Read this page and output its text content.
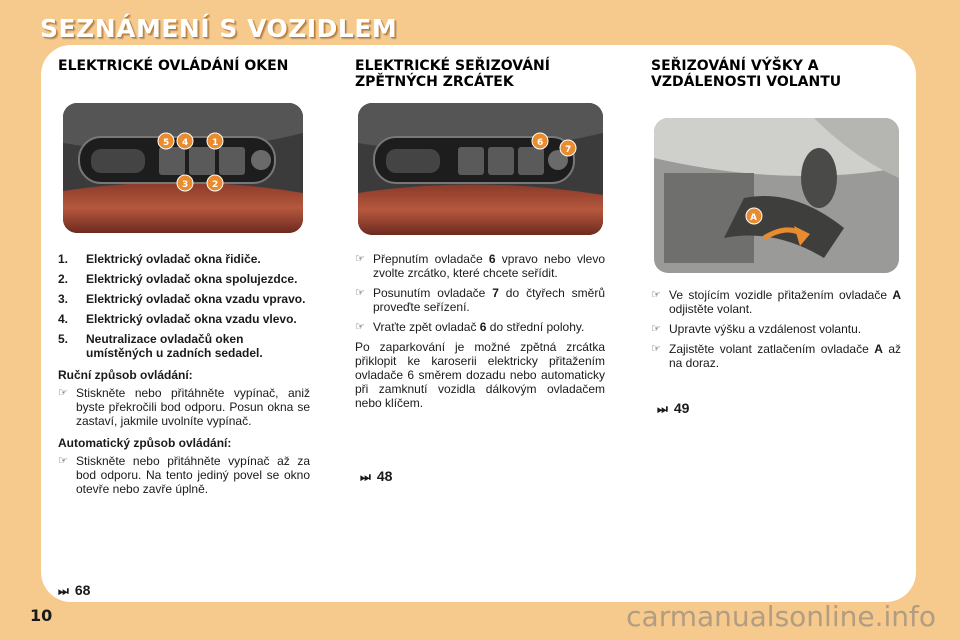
SEZNÁMENÍ S VOZIDLEM
ELEKTRICKÉ OVLÁDÁNÍ OKEN
5 4	1
3	2
1. Elektrický ovladač okna řidiče.
2. Elektrický ovladač okna spolujezdce.
3. Elektrický ovladač okna vzadu vpravo.
4. Elektrický ovladač okna vzadu vlevo.
5. Neutralizace ovladačů oken umístěných u zadních sedadel.
Ruční způsob ovládání:
☞ Stiskněte nebo přitáhněte vypínač, aniž byste překročili bod odporu. Posun okna se zastaví, jakmile uvolníte vypínač.
Automatický způsob ovládání:
☞ Stiskněte nebo přitáhněte vypínač až za bod odporu. Na tento jediný povel se okno otevře nebo zavře úplně.
⏭ 68
ELEKTRICKÉ SEŘIZOVÁNÍ ZPĚTNÝCH ZRCÁTEK
6
7
☞ Přepnutím ovladače 6 vpravo nebo vlevo zvolte zrcátko, které chcete seřídit.
☞ Posunutím ovladače 7 do čtyřech směrů proveďte seřízení.
☞ Vraťte zpět ovladač 6 do střední polohy.
Po zaparkování je možné zpětná zrcátka přiklopit ke karoserii elektricky přitažením ovladače 6 směrem dozadu nebo automaticky při zamknutí vozidla dálkovým ovladačem nebo klíčem.
⏭ 48
SEŘIZOVÁNÍ VÝŠKY A VZDÁLENOSTI VOLANTU
A
☞ Ve stojícím vozidle přitažením ovladače A odjistěte volant.
☞ Upravte výšku a vzdálenost volantu.
☞ Zajistěte volant zatlačením ovladače A až na doraz.
⏭ 49
10	carmanualsonline.info
